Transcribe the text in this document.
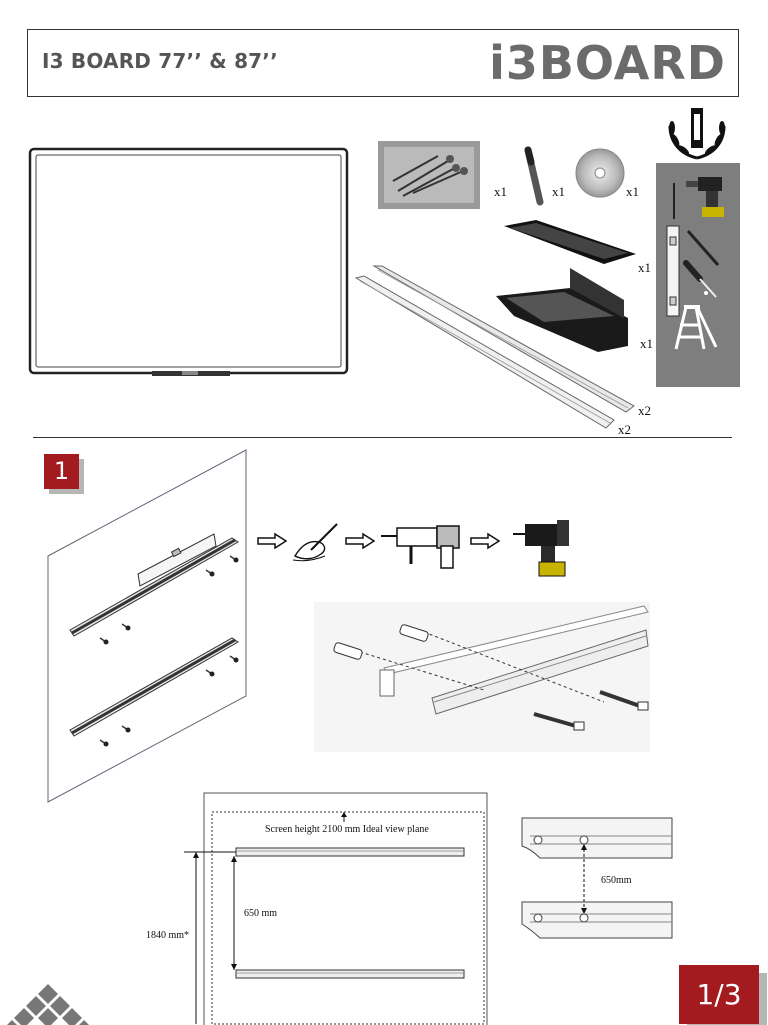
I3 BOARD 77’’ & 87’’	i3BOARD
x1	x1	x1
x1
x1
x2
x2
1
Screen height 2100 mm Ideal view plane
650 mm
1840 mm*
650mm
1/3
